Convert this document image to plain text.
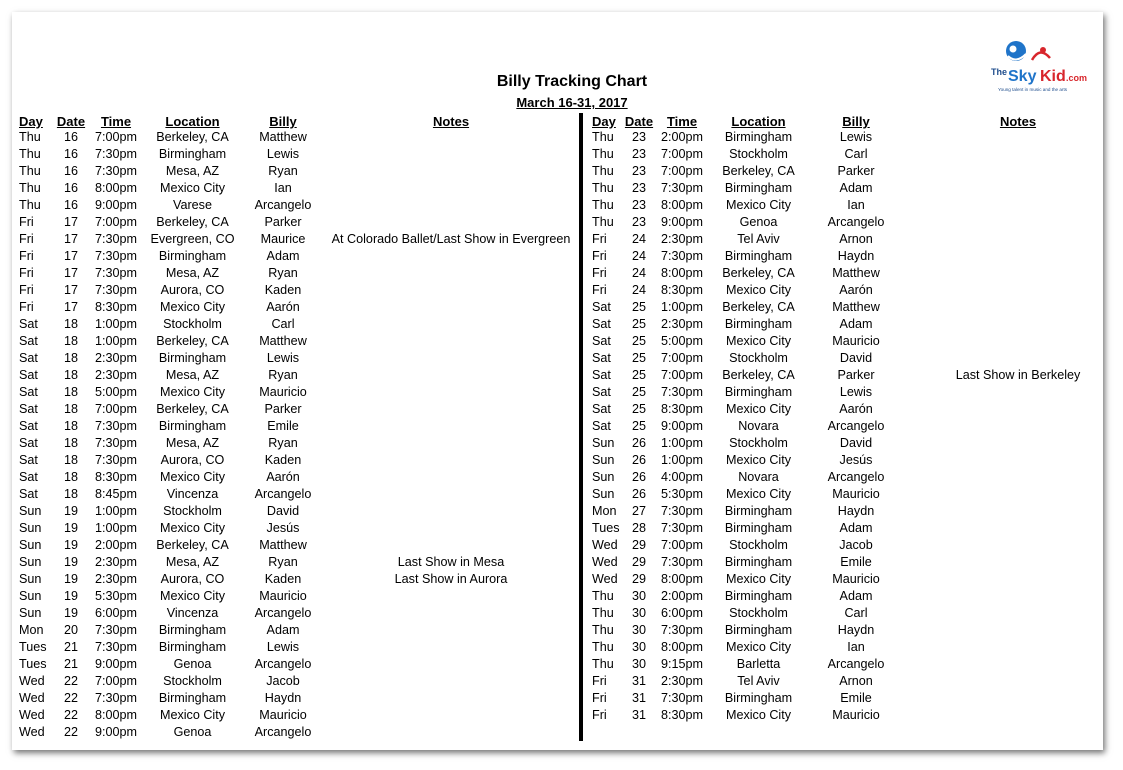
Billy Tracking Chart
March 16-31, 2017
The Sky Kid .com
Young talent in music and the arts
Day Date	Time	Location	Billy	Notes	Day Date	Time	Location	Billy	Notes
Thu	16	7:00pm	Berkeley, CA	Matthew
Thu	16	7:30pm	Birmingham	Lewis
Thu	16	7:30pm	Mesa, AZ	Ryan
Thu	16	8:00pm	Mexico City	Ian
Thu	16	9:00pm	Varese	Arcangelo
Fri	17	7:00pm	Berkeley, CA	Parker
Fri	17	7:30pm	Evergreen, CO	Maurice	At Colorado Ballet/Last Show in Evergreen
Fri	17	7:30pm	Birmingham	Adam
Fri	17	7:30pm	Mesa, AZ	Ryan
Fri	17	7:30pm	Aurora, CO	Kaden
Fri	17	8:30pm	Mexico City	Aarón
Sat	18	1:00pm	Stockholm	Carl
Sat	18	1:00pm	Berkeley, CA	Matthew
Sat	18	2:30pm	Birmingham	Lewis
Sat	18	2:30pm	Mesa, AZ	Ryan
Sat	18	5:00pm	Mexico City	Mauricio
Sat	18	7:00pm	Berkeley, CA	Parker
Sat	18	7:30pm	Birmingham	Emile
Sat	18	7:30pm	Mesa, AZ	Ryan
Sat	18	7:30pm	Aurora, CO	Kaden
Sat	18	8:30pm	Mexico City	Aarón
Sat	18	8:45pm	Vincenza	Arcangelo
Sun	19	1:00pm	Stockholm	David
Sun	19	1:00pm	Mexico City	Jesús
Sun	19	2:00pm	Berkeley, CA	Matthew
Sun	19	2:30pm	Mesa, AZ	Ryan	Last Show in Mesa
Sun	19	2:30pm	Aurora, CO	Kaden	Last Show in Aurora
Sun	19	5:30pm	Mexico City	Mauricio
Sun	19	6:00pm	Vincenza	Arcangelo
Mon	20	7:30pm	Birmingham	Adam
Tues	21	7:30pm	Birmingham	Lewis
Tues	21	9:00pm	Genoa	Arcangelo
Wed	22	7:00pm	Stockholm	Jacob
Wed	22	7:30pm	Birmingham	Haydn
Wed	22	8:00pm	Mexico City	Mauricio
Wed	22	9:00pm	Genoa	Arcangelo
Thu	23	2:00pm	Birmingham	Lewis
Thu	23	7:00pm	Stockholm	Carl
Thu	23	7:00pm	Berkeley, CA	Parker
Thu	23	7:30pm	Birmingham	Adam
Thu	23	8:00pm	Mexico City	Ian
Thu	23	9:00pm	Genoa	Arcangelo
Fri	24	2:30pm	Tel Aviv	Arnon
Fri	24	7:30pm	Birmingham	Haydn
Fri	24	8:00pm	Berkeley, CA	Matthew
Fri	24	8:30pm	Mexico City	Aarón
Sat	25	1:00pm	Berkeley, CA	Matthew
Sat	25	2:30pm	Birmingham	Adam
Sat	25	5:00pm	Mexico City	Mauricio
Sat	25	7:00pm	Stockholm	David
Sat	25	7:00pm	Berkeley, CA	Parker	Last Show in Berkeley
Sat	25	7:30pm	Birmingham	Lewis
Sat	25	8:30pm	Mexico City	Aarón
Sat	25	9:00pm	Novara	Arcangelo
Sun	26	1:00pm	Stockholm	David
Sun	26	1:00pm	Mexico City	Jesús
Sun	26	4:00pm	Novara	Arcangelo
Sun	26	5:30pm	Mexico City	Mauricio
Mon	27	7:30pm	Birmingham	Haydn
Tues 28	7:30pm	Birmingham	Adam
Wed	29	7:00pm	Stockholm	Jacob
Wed	29	7:30pm	Birmingham	Emile
Wed	29	8:00pm	Mexico City	Mauricio
Thu	30	2:00pm	Birmingham	Adam
Thu	30	6:00pm	Stockholm	Carl
Thu	30	7:30pm	Birmingham	Haydn
Thu	30	8:00pm	Mexico City	Ian
Thu	30	9:15pm	Barletta	Arcangelo
Fri	31	2:30pm	Tel Aviv	Arnon
Fri	31	7:30pm	Birmingham	Emile
Fri	31	8:30pm	Mexico City	Mauricio
